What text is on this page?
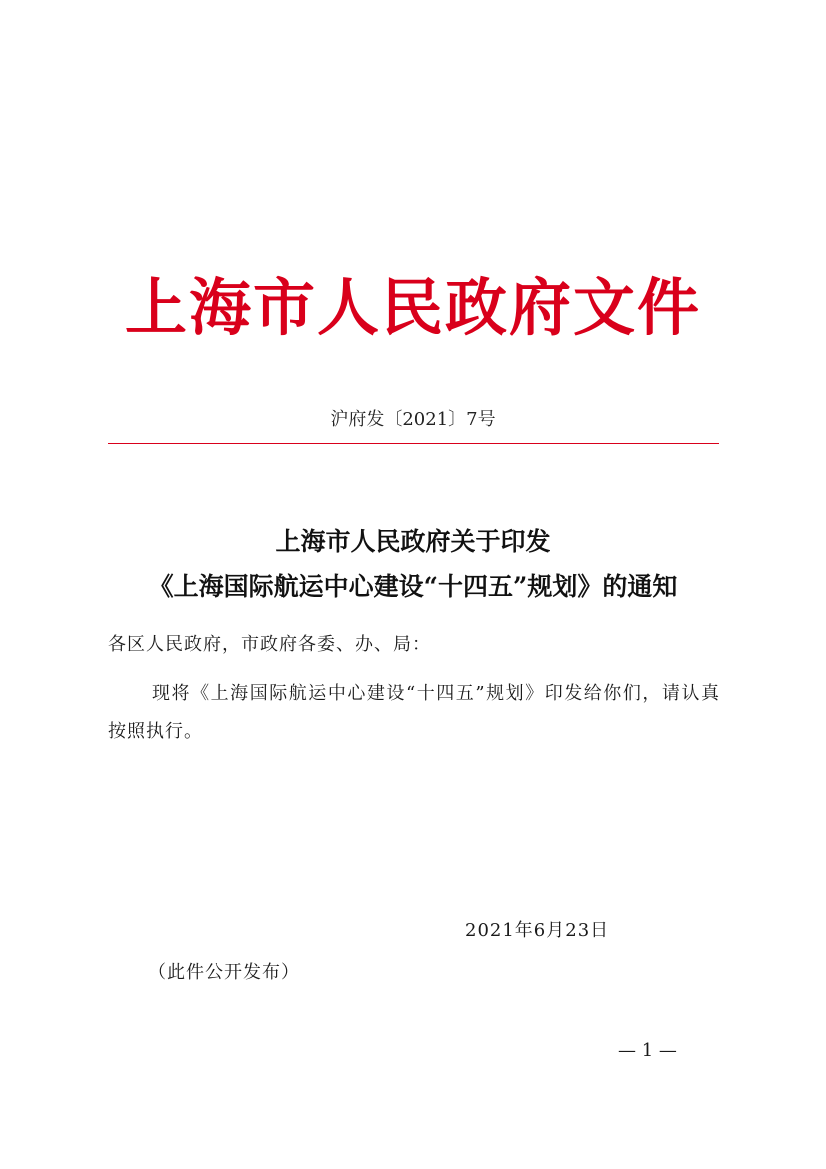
上海市人民政府文件
沪府发〔2021〕7号
上海市人民政府关于印发
《上海国际航运中心建设“十四五”规划》的通知
各区人民政府，市政府各委、办、局：
现将《上海国际航运中心建设“十四五”规划》印发给你们，请认真按照执行。
2021年6月23日
（此件公开发布）
— 1 —
